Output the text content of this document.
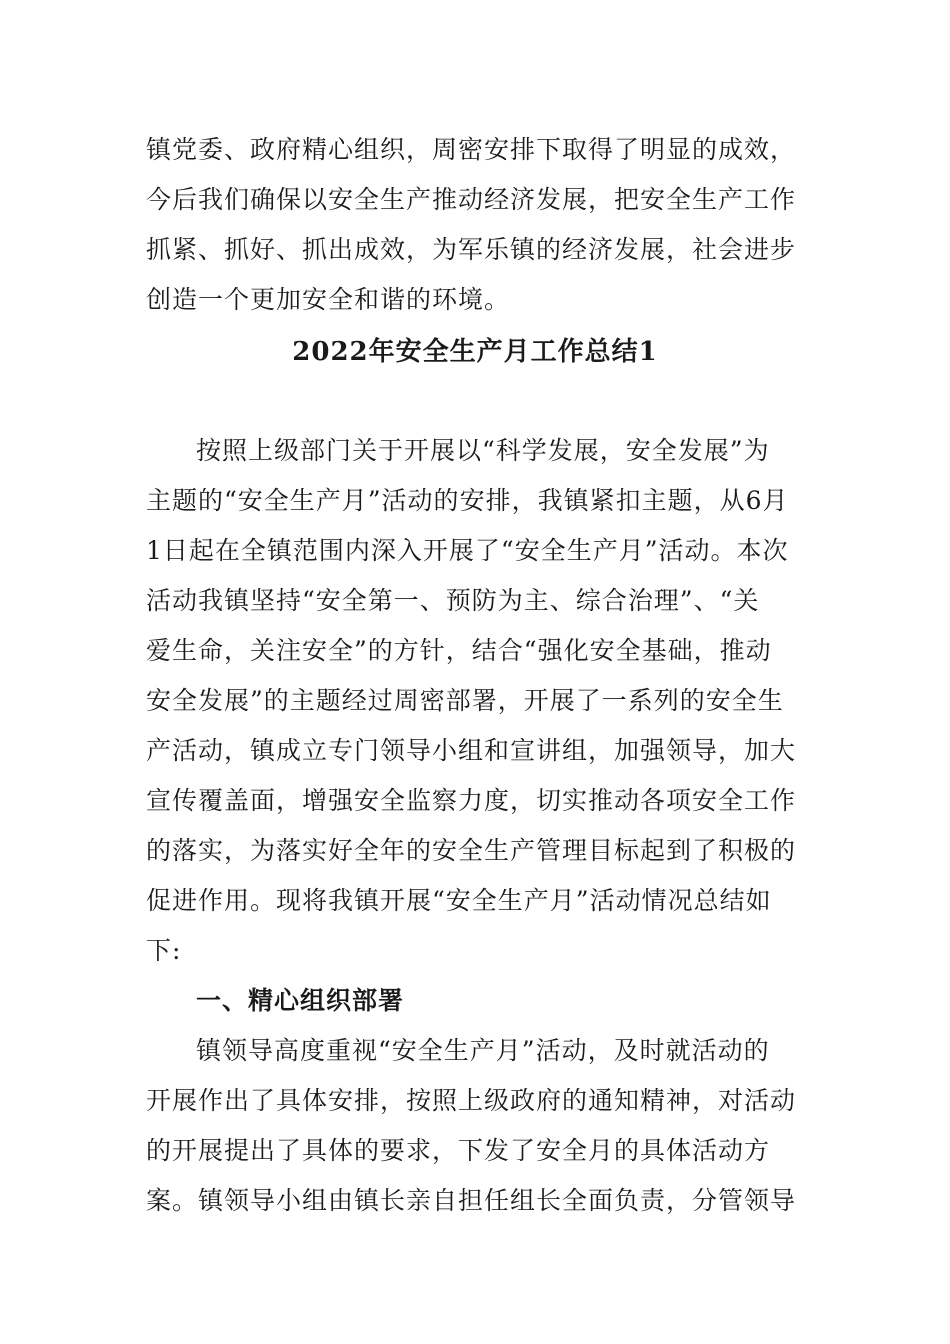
镇党委、政府精心组织，周密安排下取得了明显的成效，
今后我们确保以安全生产推动经济发展，把安全生产工作
抓紧、抓好、抓出成效，为军乐镇的经济发展，社会进步
创造一个更加安全和谐的环境。
2022年安全生产月工作总结1
按照上级部门关于开展以“科学发展，安全发展”为
主题的“安全生产月”活动的安排，我镇紧扣主题，从6月
1日起在全镇范围内深入开展了“安全生产月”活动。本次
活动我镇坚持“安全第一、预防为主、综合治理”、“关
爱生命，关注安全”的方针，结合“强化安全基础，推动
安全发展”的主题经过周密部署，开展了一系列的安全生
产活动，镇成立专门领导小组和宣讲组，加强领导，加大
宣传覆盖面，增强安全监察力度，切实推动各项安全工作
的落实，为落实好全年的安全生产管理目标起到了积极的
促进作用。现将我镇开展“安全生产月”活动情况总结如
下:
一、精心组织部署
镇领导高度重视“安全生产月”活动，及时就活动的
开展作出了具体安排，按照上级政府的通知精神，对活动
的开展提出了具体的要求，下发了安全月的具体活动方
案。镇领导小组由镇长亲自担任组长全面负责，分管领导
